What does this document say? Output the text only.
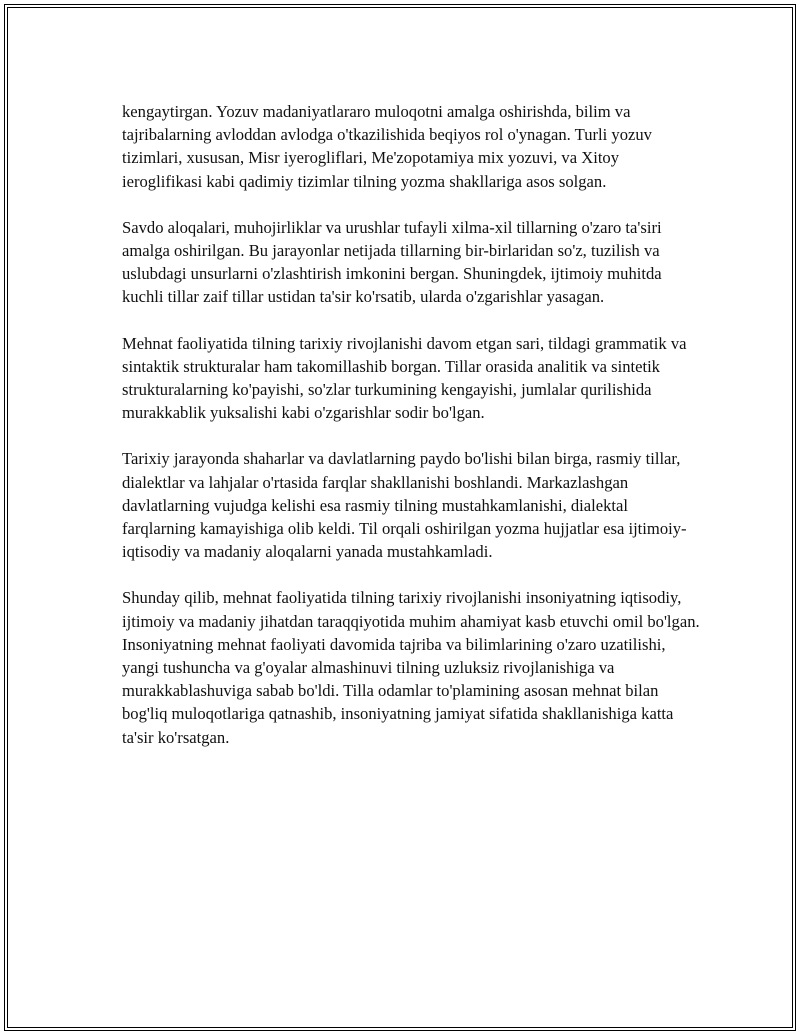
kengaytirgan. Yozuv madaniyatlararo muloqotni amalga oshirishda, bilim va tajribalarning avloddan avlodga o'tkazilishida beqiyos rol o'ynagan. Turli yozuv tizimlari, xususan, Misr iyerogliflari, Me'zopotamiya mix yozuvi, va Xitoy ieroglifikasi kabi qadimiy tizimlar tilning yozma shakllariga asos solgan.

Savdo aloqalari, muhojirliklar va urushlar tufayli xilma-xil tillarning o'zaro ta'siri amalga oshirilgan. Bu jarayonlar netijada tillarning bir-birlaridan so'z, tuzilish va uslubdagi unsurlarni o'zlashtirish imkonini bergan. Shuningdek, ijtimoiy muhitda kuchli tillar zaif tillar ustidan ta'sir ko'rsatib, ularda o'zgarishlar yasagan.

Mehnat faoliyatida tilning tarixiy rivojlanishi davom etgan sari, tildagi grammatik va sintaktik strukturalar ham takomillashib borgan. Tillar orasida analitik va sintetik strukturalarning ko'payishi, so'zlar turkumining kengayishi, jumlalar qurilishida murakkablik yuksalishi kabi o'zgarishlar sodir bo'lgan.

Tarixiy jarayonda shaharlar va davlatlarning paydo bo'lishi bilan birga, rasmiy tillar, dialektlar va lahjalar o'rtasida farqlar shakllanishi boshlandi. Markazlashgan davlatlarning vujudga kelishi esa rasmiy tilning mustahkamlanishi, dialektal farqlarning kamayishiga olib keldi. Til orqali oshirilgan yozma hujjatlar esa ijtimoiy-iqtisodiy va madaniy aloqalarni yanada mustahkamladi.

Shunday qilib, mehnat faoliyatida tilning tarixiy rivojlanishi insoniyatning iqtisodiy, ijtimoiy va madaniy jihatdan taraqqiyotida muhim ahamiyat kasb etuvchi omil bo'lgan. Insoniyatning mehnat faoliyati davomida tajriba va bilimlarining o'zaro uzatilishi, yangi tushuncha va g'oyalar almashinuvi tilning uzluksiz rivojlanishiga va murakkablashuviga sabab bo'ldi. Tilla odamlar to'plamining asosan mehnat bilan bog'liq muloqotlariga qatnashib, insoniyatning jamiyat sifatida shakllanishiga katta ta'sir ko'rsatgan.
